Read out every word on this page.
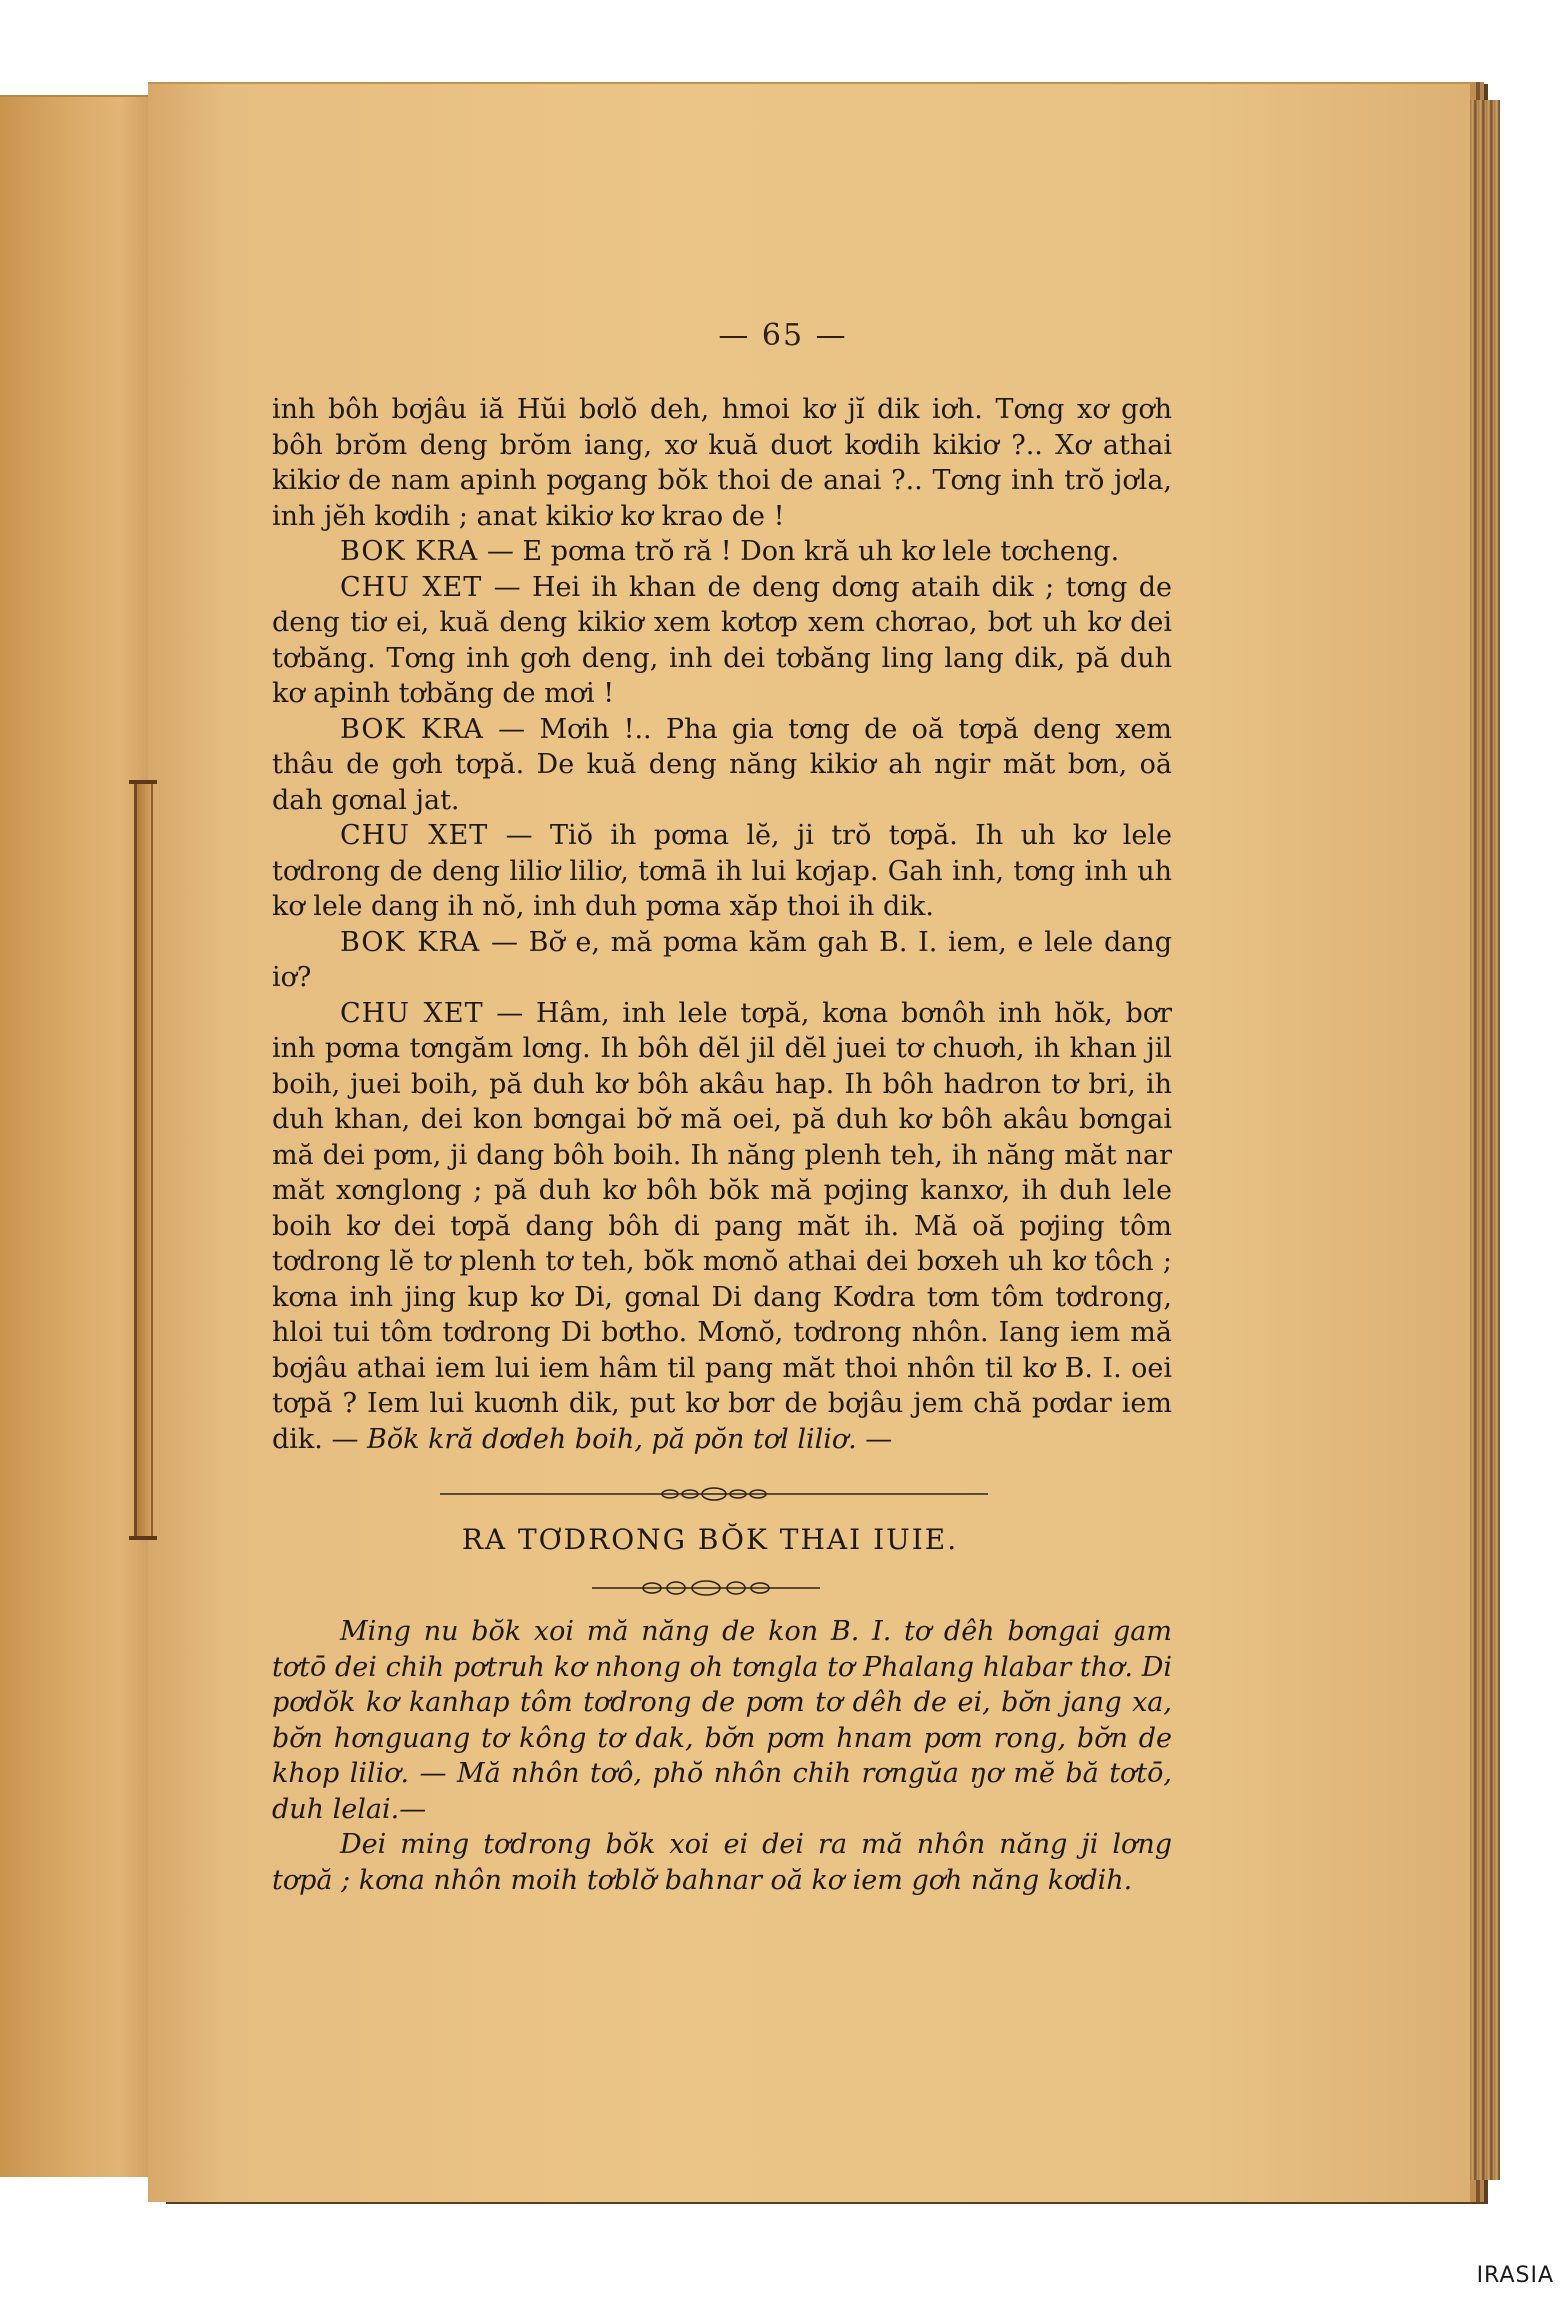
— 65 —

inh bôh bơjâu iă Hŭi bơlŏ deh, hmoi kơ jĭ dik iơh. Tơng xơ gơh bôh brŏm deng brŏm iang, xơ kuă duơt kơdih kikiơ ?.. Xơ athai kikiơ de nam apinh pơgang bŏk thoi de anai ?.. Tơng inh trŏ jơla, inh jĕh kơdih ; anat kikiơ kơ krao de !

BOK KRA — E pơma trŏ ră ! Don kră uh kơ lele tơcheng.

CHU XET — Hei ih khan de deng dơng ataih dik ; tơng de deng tiơ ei, kuă deng kikiơ xem kơtơp xem chơrao, bơt uh kơ dei tơbăng. Tơng inh gơh deng, inh dei tơbăng ling lang dik, pă duh kơ apinh tơbăng de mơi !

BOK KRA — Mơih !.. Pha gia tơng de oă tơpă deng xem thâu de gơh tơpă. De kuă deng năng kikiơ ah ngir măt bơn, oă dah gơnal jat.

CHU XET — Tiŏ ih pơma lĕ, ji trŏ tơpă. Ih uh kơ lele tơdrong de deng liliơ liliơ, tơmā ih lui kơjap. Gah inh, tơng inh uh kơ lele dang ih nŏ, inh duh pơma xăp thoi ih dik.

BOK KRA — Bơ̆ e, mă pơma kăm gah B. I. iem, e lele dang iơ?

CHU XET — Hâm, inh lele tơpă, kơna bơnôh inh hŏk, bơr inh pơma tơngăm lơng. Ih bôh dĕl jil dĕl juei tơ chuơh, ih khan jil boih, juei boih, pă duh kơ bôh akâu hap. Ih bôh hadron tơ bri, ih duh khan, dei kon bơngai bơ̆ mă oei, pă duh kơ bôh akâu bơngai mă dei pơm, ji dang bôh boih. Ih năng plenh teh, ih năng măt nar măt xơnglong ; pă duh kơ bôh bŏk mă pơjing kanxơ, ih duh lele boih kơ dei tơpă dang bôh di pang măt ih. Mă oă pơjing tôm tơdrong lĕ tơ plenh tơ teh, bŏk mơnŏ athai dei bơxeh uh kơ tôch ; kơna inh jing kup kơ Di, gơnal Di dang Kơdra tơm tôm tơdrong, hloi tui tôm tơdrong Di bơtho. Mơnŏ, tơdrong nhôn. Iang iem mă bơjâu athai iem lui iem hâm til pang măt thoi nhôn til kơ B. I. oei tơpă ? Iem lui kuơnh dik, put kơ bơr de bơjâu jem chă pơdar iem dik. — Bŏk kră dơdeh boih, pă pŏn tơl liliơ. —

RA TƠDRONG BŎK THAI IUIE.

Ming nu bŏk xoi mă năng de kon B. I. tơ dêh bơngai gam tơtō dei chih pơtruh kơ nhong oh tơngla tơ Phalang hlabar thơ. Di pơdŏk kơ kanhap tôm tơdrong de pơm tơ dêh de ei, bơ̆n jang xa, bơ̆n hơnguang tơ kông tơ dak, bơ̆n pơm hnam pơm rong, bơ̆n de khop liliơ. — Mă nhôn tơô, phŏ nhôn chih rơngŭa ŋơ mĕ bă tơtō, duh lelai.—

Dei ming tơdrong bŏk xoi ei dei ra mă nhôn năng ji lơng tơpă ; kơna nhôn moih tơblơ̆ bahnar oă kơ iem gơh năng kơdih.

IRASIA
